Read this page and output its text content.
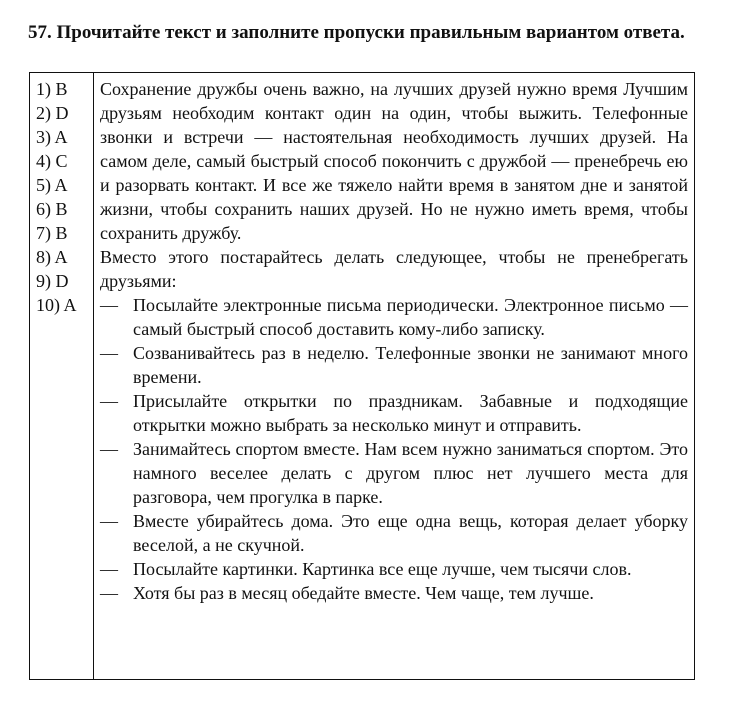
57. Прочитайте текст и заполните пропуски правильным вариантом ответа.
1) B
2) D
3) A
4) C
5) A
6) B
7) B
8) A
9) D
10) A

Сохранение дружбы очень важно, на лучших друзей нужно время Лучшим друзьям необходим контакт один на один, чтобы выжить. Телефонные звонки и встречи — настоятельная необходимость лучших друзей. На самом деле, самый быстрый способ покончить с дружбой — пренебречь ею и разорвать контакт. И все же тяжело найти время в занятом дне и занятой жизни, чтобы сохранить наших друзей. Но не нужно иметь время, чтобы сохранить дружбу.

Вместо этого постарайтесь делать следующее, чтобы не пренебрегать друзьями:

— Посылайте электронные письма периодически. Электронное письмо — самый быстрый способ доставить кому-либо записку.
— Созванивайтесь раз в неделю. Телефонные звонки не занимают много времени.
— Присылайте открытки по праздникам. Забавные и подходящие открытки можно выбрать за несколько минут и отправить.
— Занимайтесь спортом вместе. Нам всем нужно заниматься спортом. Это намного веселее делать с другом плюс нет лучшего места для разговора, чем прогулка в парке.
— Вместе убирайтесь дома. Это еще одна вещь, которая делает уборку веселой, а не скучной.
— Посылайте картинки. Картинка все еще лучше, чем тысячи слов.
— Хотя бы раз в месяц обедайте вместе. Чем чаще, тем лучше.
